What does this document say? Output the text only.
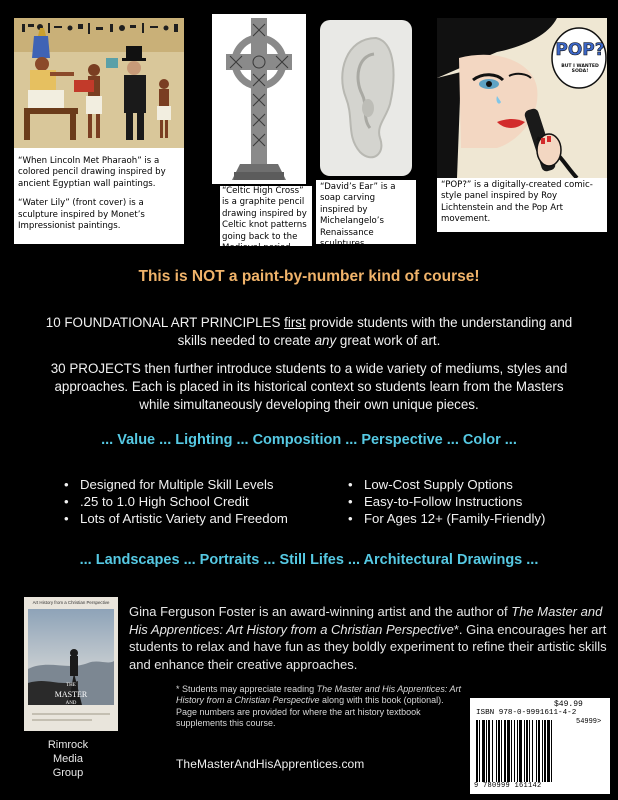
“When Lincoln Met Pharaoh” is a colored pencil drawing inspired by ancient Egyptian wall paintings.

“Water Lily” (front cover) is a sculpture inspired by Monet’s Impressionist paintings.

“Celtic High Cross” is a graphite pencil drawing inspired by Celtic knot patterns going back to the Medieval period.

“David’s Ear” is a soap carving inspired by Michelangelo’s Renaissance sculptures.

POP?
BUT I WANTED SODA!

“POP?” is a digitally-created comic-style panel inspired by Roy Lichtenstein and the Pop Art movement.

This is NOT a paint-by-number kind of course!
10 FOUNDATIONAL ART PRINCIPLES first provide students with the understanding and skills needed to create any great work of art.
30 PROJECTS then further introduce students to a wide variety of mediums, styles and approaches. Each is placed in its historical context so students learn from the Masters while simultaneously developing their own unique pieces.
... Value ... Lighting ... Composition ... Perspective ... Color ...
• Designed for Multiple Skill Levels
• .25 to 1.0 High School Credit
• Lots of Artistic Variety and Freedom
• Low-Cost Supply Options
• Easy-to-Follow Instructions
• For Ages 12+ (Family-Friendly)
... Landscapes ... Portraits ... Still Lifes ... Architectural Drawings ...
Art History from a Christian Perspective
THE
MASTER
AND
Rimrock
Media
Group
Gina Ferguson Foster is an award-winning artist and the author of The Master and His Apprentices: Art History from a Christian Perspective*. Gina encourages her art students to relax and have fun as they boldly experiment to refine their artistic skills and enhance their creative approaches.
* Students may appreciate reading The Master and His Apprentices: Art History from a Christian Perspective along with this book (optional). Page numbers are provided for where the art history textbook supplements this course.
TheMasterAndHisApprentices.com
$49.99
ISBN 978-0-9991611-4-2
54999>
9 780999 161142
